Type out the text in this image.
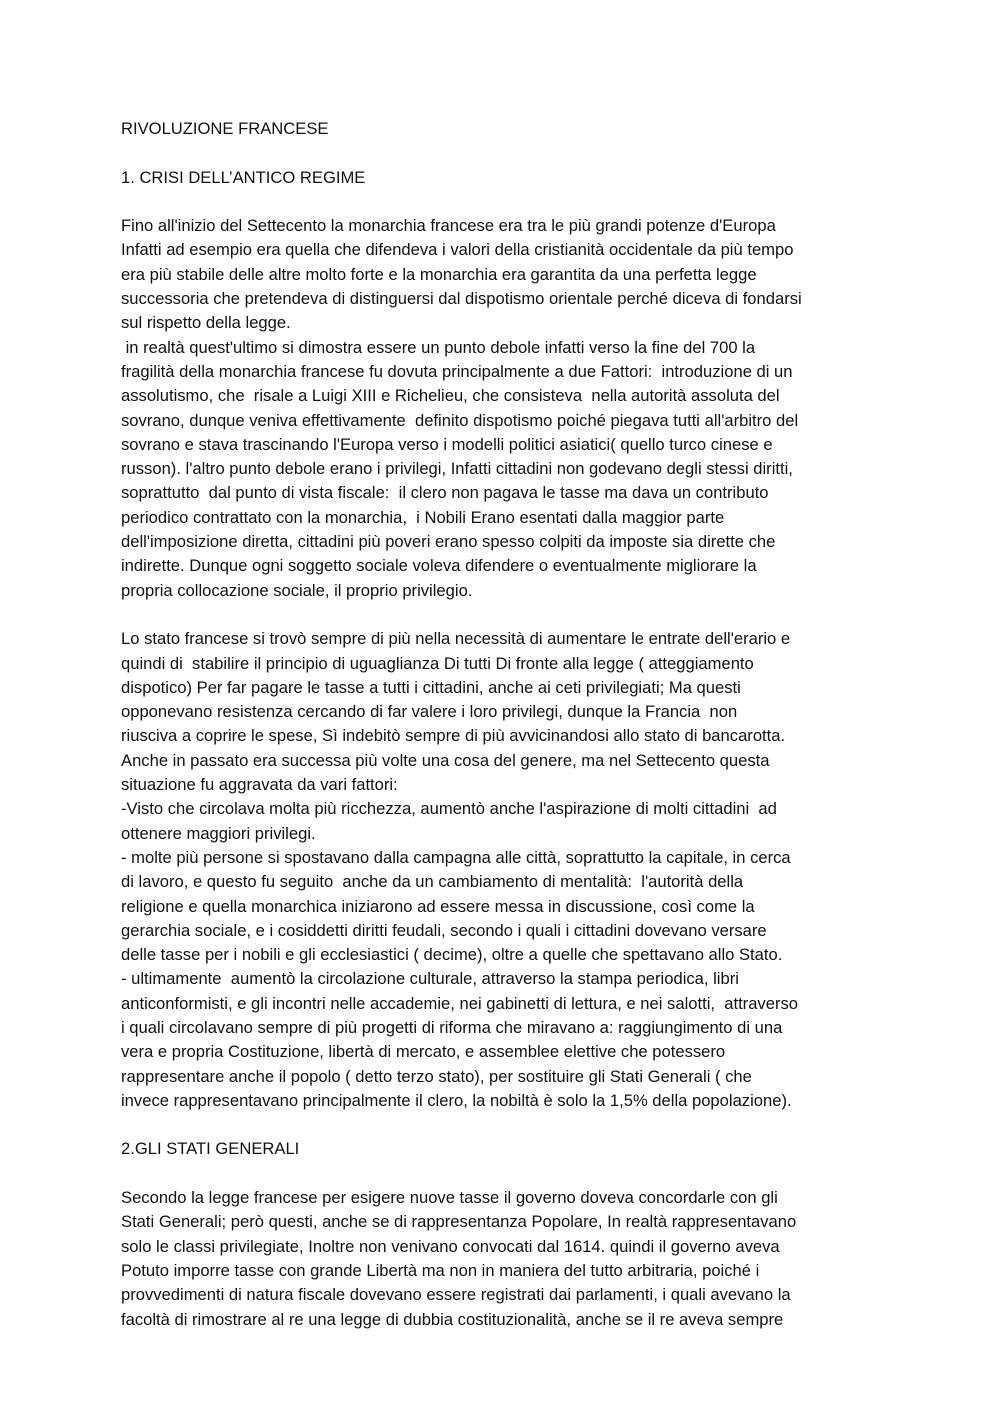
RIVOLUZIONE FRANCESE
1. CRISI DELL’ANTICO REGIME
Fino all'inizio del Settecento la monarchia francese era tra le più grandi potenze d'Europa
Infatti ad esempio era quella che difendeva i valori della cristianità occidentale da più tempo
era più stabile delle altre molto forte e la monarchia era garantita da una perfetta legge
successoria che pretendeva di distinguersi dal dispotismo orientale perché diceva di fondarsi
sul rispetto della legge.
in realtà quest'ultimo si dimostra essere un punto debole infatti verso la fine del 700 la
fragilità della monarchia francese fu dovuta principalmente a due Fattori:  introduzione di un
assolutismo, che  risale a Luigi XIII e Richelieu, che consisteva  nella autorità assoluta del
sovrano, dunque veniva effettivamente  definito dispotismo poiché piegava tutti all'arbitro del
sovrano e stava trascinando l'Europa verso i modelli politici asiatici( quello turco cinese e
russon). l'altro punto debole erano i privilegi, Infatti cittadini non godevano degli stessi diritti,
soprattutto  dal punto di vista fiscale:  il clero non pagava le tasse ma dava un contributo
periodico contrattato con la monarchia,  i Nobili Erano esentati dalla maggior parte
dell'imposizione diretta, cittadini più poveri erano spesso colpiti da imposte sia dirette che
indirette. Dunque ogni soggetto sociale voleva difendere o eventualmente migliorare la
propria collocazione sociale, il proprio privilegio.
Lo stato francese si trovò sempre di più nella necessità di aumentare le entrate dell'erario e
quindi di  stabilire il principio di uguaglianza Di tutti Di fronte alla legge ( atteggiamento
dispotico) Per far pagare le tasse a tutti i cittadini, anche ai ceti privilegiati; Ma questi
opponevano resistenza cercando di far valere i loro privilegi, dunque la Francia  non
riusciva a coprire le spese, Sì indebitò sempre di più avvicinandosi allo stato di bancarotta.
Anche in passato era successa più volte una cosa del genere, ma nel Settecento questa
situazione fu aggravata da vari fattori:
-Visto che circolava molta più ricchezza, aumentò anche l'aspirazione di molti cittadini  ad
ottenere maggiori privilegi.
- molte più persone si spostavano dalla campagna alle città, soprattutto la capitale, in cerca
di lavoro, e questo fu seguito  anche da un cambiamento di mentalità:  l'autorità della
religione e quella monarchica iniziarono ad essere messa in discussione, così come la
gerarchia sociale, e i cosiddetti diritti feudali, secondo i quali i cittadini dovevano versare
delle tasse per i nobili e gli ecclesiastici ( decime), oltre a quelle che spettavano allo Stato.
- ultimamente  aumentò la circolazione culturale, attraverso la stampa periodica, libri
anticonformisti, e gli incontri nelle accademie, nei gabinetti di lettura, e nei salotti,  attraverso
i quali circolavano sempre di più progetti di riforma che miravano a: raggiungimento di una
vera e propria Costituzione, libertà di mercato, e assemblee elettive che potessero
rappresentare anche il popolo ( detto terzo stato), per sostituire gli Stati Generali ( che
invece rappresentavano principalmente il clero, la nobiltà è solo la 1,5% della popolazione).
2.GLI STATI GENERALI
Secondo la legge francese per esigere nuove tasse il governo doveva concordarle con gli
Stati Generali; però questi, anche se di rappresentanza Popolare, In realtà rappresentavano
solo le classi privilegiate, Inoltre non venivano convocati dal 1614. quindi il governo aveva
Potuto imporre tasse con grande Libertà ma non in maniera del tutto arbitraria, poiché i
provvedimenti di natura fiscale dovevano essere registrati dai parlamenti, i quali avevano la
facoltà di rimostrare al re una legge di dubbia costituzionalità, anche se il re aveva sempre
